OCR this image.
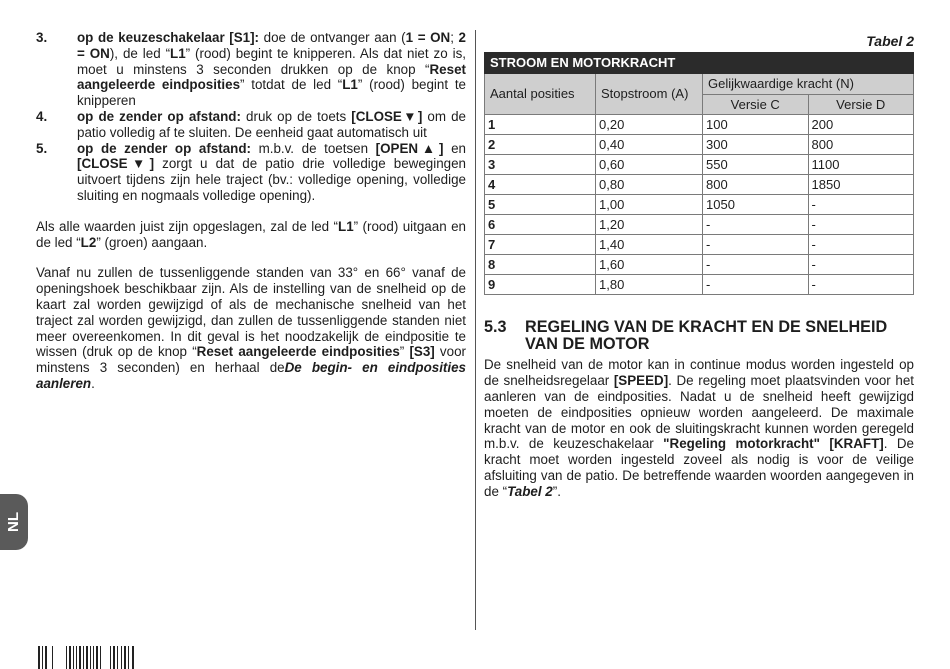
3. op de keuzeschakelaar [S1]: doe de ontvanger aan (1 = ON; 2 = ON), de led “L1” (rood) begint te knipperen. Als dat niet zo is, moet u minstens 3 seconden drukken op de knop “Reset aangeleerde eindposities” totdat de led “L1” (rood) begint te knipperen
4. op de zender op afstand: druk op de toets [CLOSE▼] om de patio volledig af te sluiten. De eenheid gaat automatisch uit
5. op de zender op afstand: m.b.v. de toetsen [OPEN▲] en [CLOSE▼] zorgt u dat de patio drie volledige bewegingen uitvoert tijdens zijn hele traject (bv.: volledige opening, volledige sluiting en nogmaals volledige opening).
Als alle waarden juist zijn opgeslagen, zal de led “L1” (rood) uitgaan en de led “L2” (groen) aangaan.
Vanaf nu zullen de tussenliggende standen van 33° en 66° vanaf de openingshoek beschikbaar zijn. Als de instelling van de snelheid op de kaart zal worden gewijzigd of als de mechanische snelheid van het traject zal worden gewijzigd, dan zullen de tussenliggende standen niet meer overeenkomen. In dit geval is het noodzakelijk de eindpositie te wissen (druk op de knop “Reset aangeleerde eindposities” [S3] voor minstens 3 seconden) en herhaal deDe begin- en eindposities aanleren.
Tabel 2
STROOM EN MOTORKRACHT			
Aantal posities	Stopstroom (A)	Gelijkwaardige kracht (N)	
		Versie C	Versie D
1	0,20	100	200
2	0,40	300	800
3	0,60	550	1100
4	0,80	800	1850
5	1,00	1050	-
6	1,20	-	-
7	1,40	-	-
8	1,60	-	-
9	1,80	-	-
5.3 REGELING VAN DE KRACHT EN DE SNELHEID VAN DE MOTOR
De snelheid van de motor kan in continue modus worden ingesteld op de snelheidsregelaar [SPEED]. De regeling moet plaatsvinden voor het aanleren van de eindposities. Nadat u de snelheid heeft gewijzigd moeten de eindposities opnieuw worden aangeleerd. De maximale kracht van de motor en ook de sluitingskracht kunnen worden geregeld m.b.v. de keuzeschakelaar "Regeling motorkracht" [KRAFT]. De kracht moet worden ingesteld zoveel als nodig is voor de veilige afsluiting van de patio. De betreffende waarden woorden aangegeven in de “Tabel 2”.
NL
